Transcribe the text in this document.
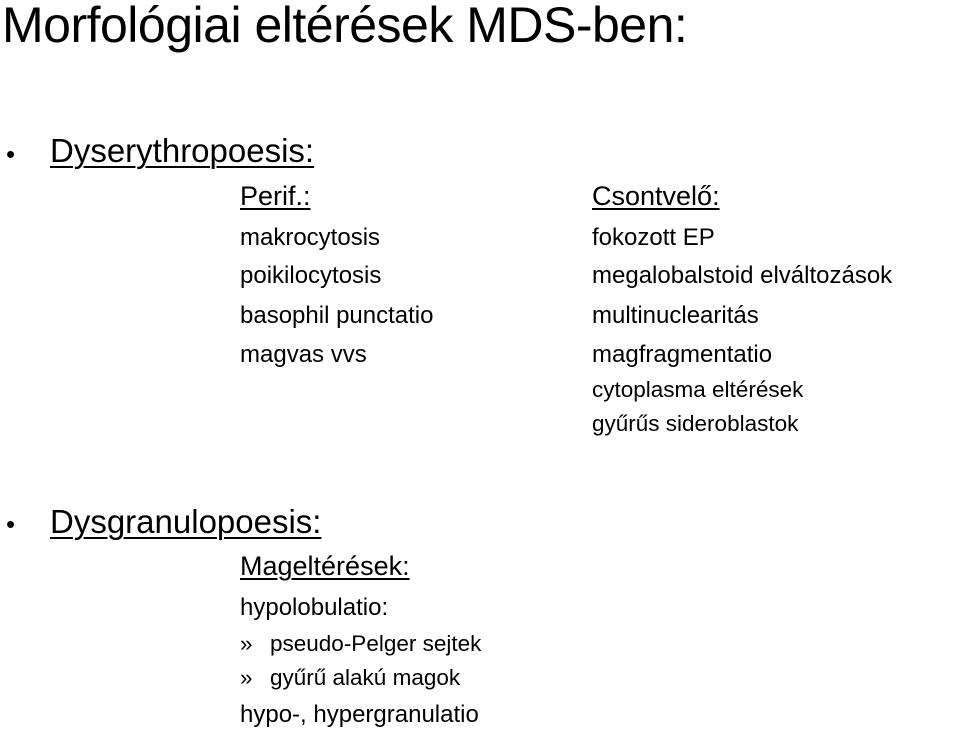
Morfológiai eltérések MDS-ben:
• Dyserythropoesis:
Perif.:
makrocytosis
poikilocytosis
basophil punctatio
magvas vvs
Csontvelő:
fokozott EP
megalobalstoid elváltozások
multinuclearitás
magfragmentatio
cytoplasma eltérések
gyűrűs sideroblastok
• Dysgranulopoesis:
Mageltérések:
hypolobulatio:
» pseudo-Pelger sejtek
» gyűrű alakú magok
hypo-, hypergranulatio
